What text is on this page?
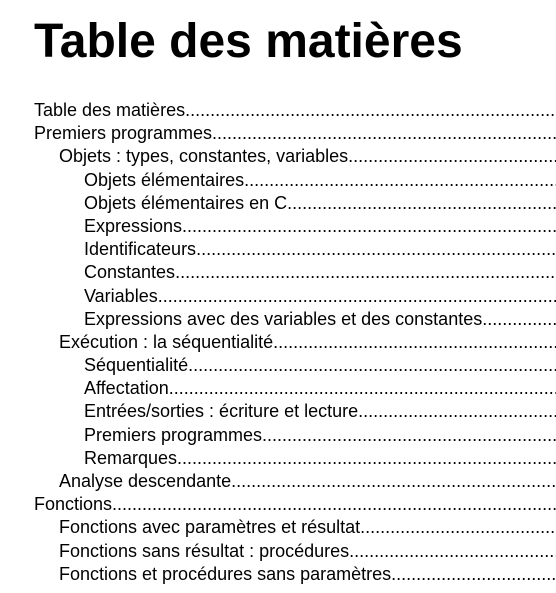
Table des matières
Table des matières
.....
Premiers programmes
.....
Objets : types, constantes, variables
.....
Objets élémentaires
.....
Objets élémentaires en C
.....
Expressions
.....
Identificateurs
.....
Constantes
.....
Variables
.....
Expressions avec des variables et des constantes
.....
Exécution : la séquentialité
.....
Séquentialité
.....
Affectation
.....
Entrées/sorties : écriture et lecture
.....
Premiers programmes
.....
Remarques
.....
Analyse descendante
.....
Fonctions
.....
Fonctions avec paramètres et résultat
.....
Fonctions sans résultat : procédures
.....
Fonctions et procédures sans paramètres
.....
